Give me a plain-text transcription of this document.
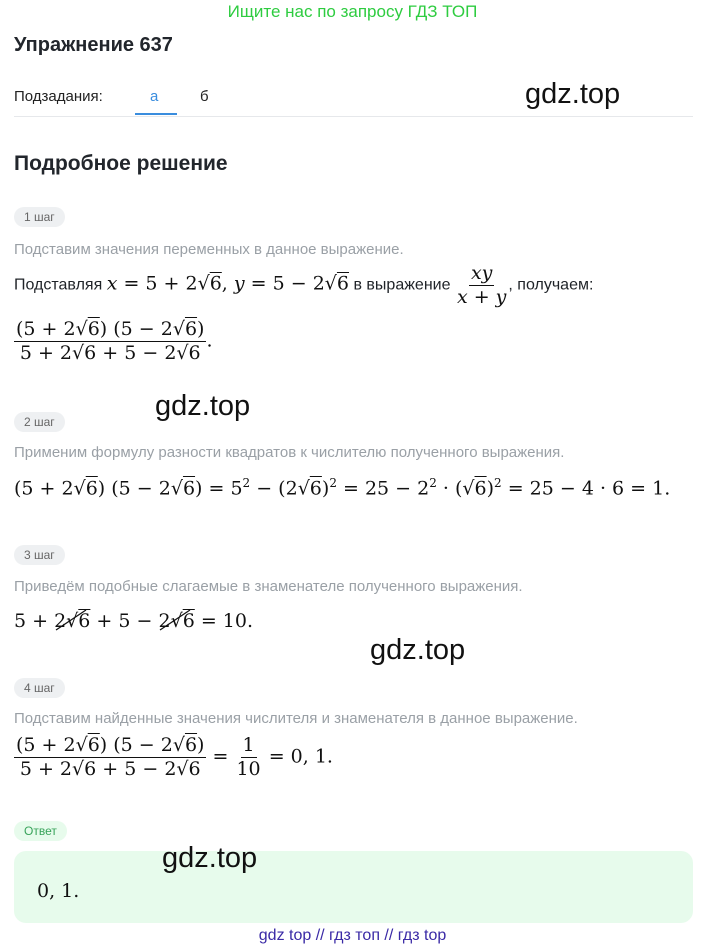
Ищите нас по запросу ГДЗ ТОП
Упражнение 637
Подзадания:	а	б	gdz.top
Подробное решение
1 шаг
Подставим значения переменных в данное выражение.
Подставляя x = 5 + 2√6, y = 5 − 2√6 в выражение $\frac{xy}{x + y}$ , получаем:
$\frac{(5 + 2√6) (5 - 2√6)}{5 + 2√6 + 5 - 2√6}$ .
gdz.top
2 шаг
Применим формулу разности квадратов к числителю полученного выражения.
(5 + 2√6) $(5 - 2√6) = 5^2 - (2√6)^2 = 25 - 2^2 \cdot (√6)^2 = 25 - 4 \cdot 6 = 1$.
3 шаг
Приведём подобные слагаемые в знаменателе полученного выражения.
5 + 2√6
+ 5 − 2√6
= 10.
gdz.top
4 шаг
Подставим найденные значения числителя и знаменателя в данное выражение.
$\frac{(5 + 2√6) (5 - 2√6)}{5 + 2√6 + 5 - 2√6} = \frac{1}{10} = 0$, 1.
Ответ
0, 1.
gdz.top
gdz top // гдз топ // гдз top
